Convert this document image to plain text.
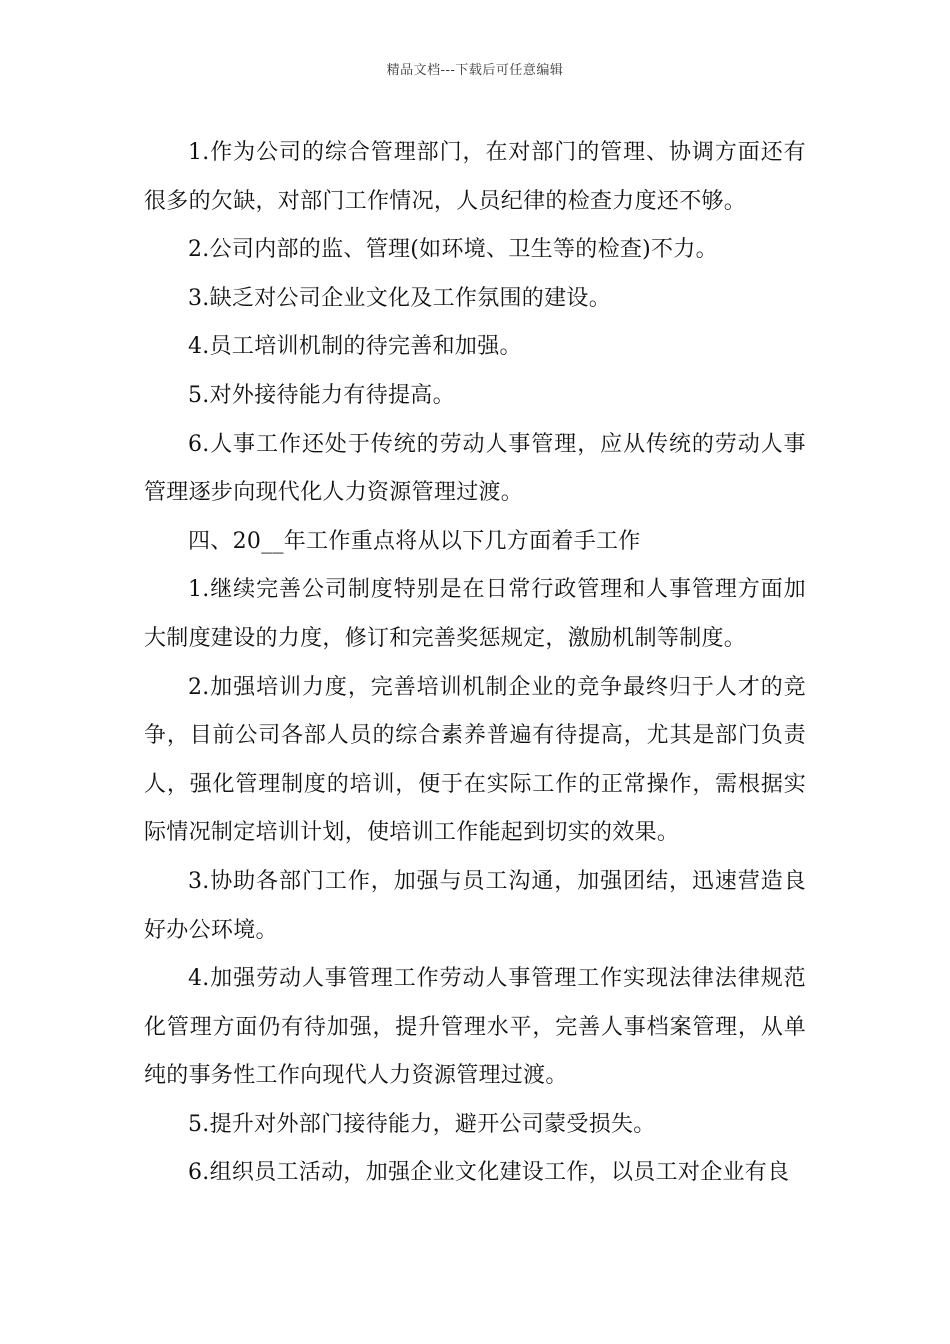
精品文档---下载后可任意编辑

1.作为公司的综合管理部门，在对部门的管理、协调方面还有很多的欠缺，对部门工作情况，人员纪律的检查力度还不够。

2.公司内部的监、管理(如环境、卫生等的检查)不力。

3.缺乏对公司企业文化及工作氛围的建设。

4.员工培训机制的待完善和加强。

5.对外接待能力有待提高。

6.人事工作还处于传统的劳动人事管理，应从传统的劳动人事管理逐步向现代化人力资源管理过渡。

四、20__年工作重点将从以下几方面着手工作

1.继续完善公司制度特别是在日常行政管理和人事管理方面加大制度建设的力度，修订和完善奖惩规定，激励机制等制度。

2.加强培训力度，完善培训机制企业的竞争最终归于人才的竞争，目前公司各部人员的综合素养普遍有待提高，尤其是部门负责人，强化管理制度的培训，便于在实际工作的正常操作，需根据实际情况制定培训计划，使培训工作能起到切实的效果。

3.协助各部门工作，加强与员工沟通，加强团结，迅速营造良好办公环境。

4.加强劳动人事管理工作劳动人事管理工作实现法律法律规范化管理方面仍有待加强，提升管理水平，完善人事档案管理，从单纯的事务性工作向现代人力资源管理过渡。

5.提升对外部门接待能力，避开公司蒙受损失。

6.组织员工活动，加强企业文化建设工作，以员工对企业有良
